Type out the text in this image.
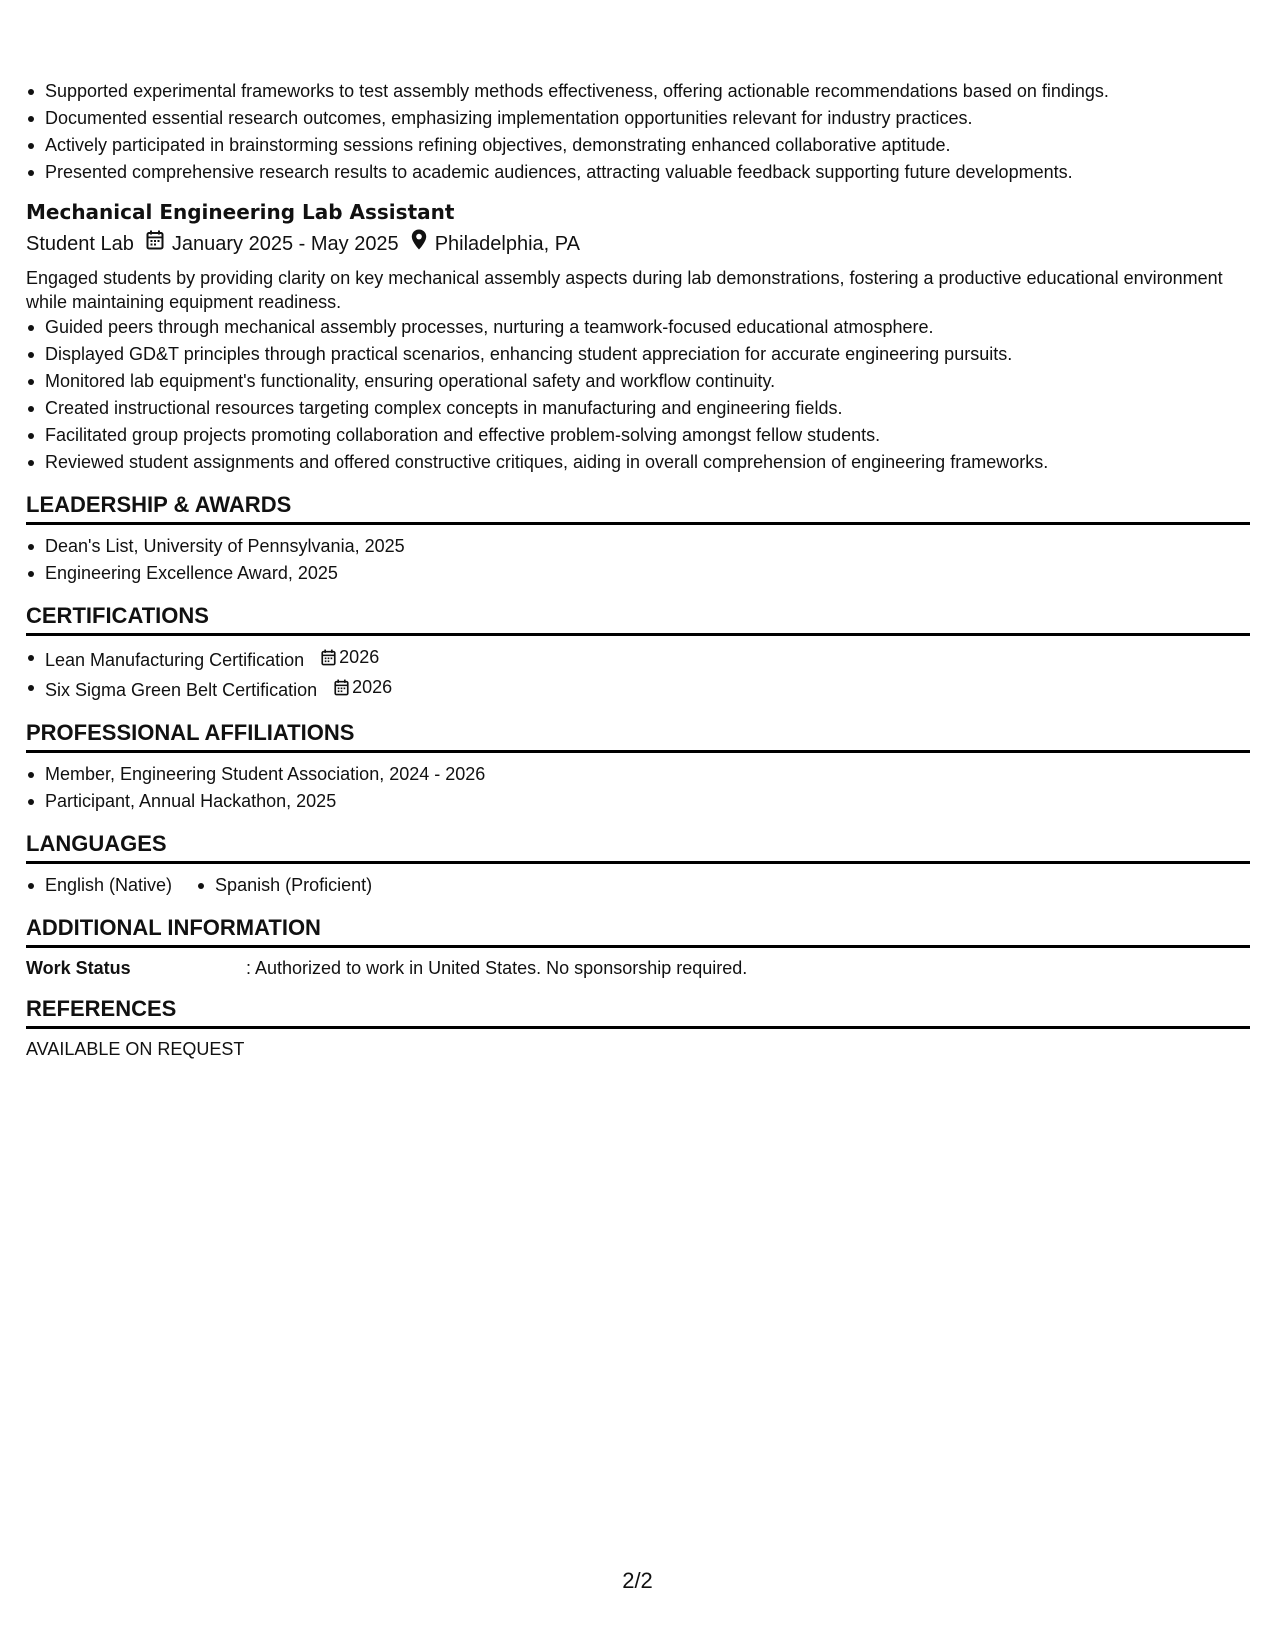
Supported experimental frameworks to test assembly methods effectiveness, offering actionable recommendations based on findings.
Documented essential research outcomes, emphasizing implementation opportunities relevant for industry practices.
Actively participated in brainstorming sessions refining objectives, demonstrating enhanced collaborative aptitude.
Presented comprehensive research results to academic audiences, attracting valuable feedback supporting future developments.
Mechanical Engineering Lab Assistant
Student Lab January 2025 - May 2025 Philadelphia, PA
Engaged students by providing clarity on key mechanical assembly aspects during lab demonstrations, fostering a productive educational environment while maintaining equipment readiness.
Guided peers through mechanical assembly processes, nurturing a teamwork-focused educational atmosphere.
Displayed GD&T principles through practical scenarios, enhancing student appreciation for accurate engineering pursuits.
Monitored lab equipment's functionality, ensuring operational safety and workflow continuity.
Created instructional resources targeting complex concepts in manufacturing and engineering fields.
Facilitated group projects promoting collaboration and effective problem-solving amongst fellow students.
Reviewed student assignments and offered constructive critiques, aiding in overall comprehension of engineering frameworks.
LEADERSHIP & AWARDS
Dean's List, University of Pennsylvania, 2025
Engineering Excellence Award, 2025
CERTIFICATIONS
Lean Manufacturing Certification 2026
Six Sigma Green Belt Certification 2026
PROFESSIONAL AFFILIATIONS
Member, Engineering Student Association, 2024 - 2026
Participant, Annual Hackathon, 2025
LANGUAGES
English (Native)	Spanish (Proficient)
ADDITIONAL INFORMATION
Work Status	: Authorized to work in United States. No sponsorship required.
REFERENCES
AVAILABLE ON REQUEST
2/2
